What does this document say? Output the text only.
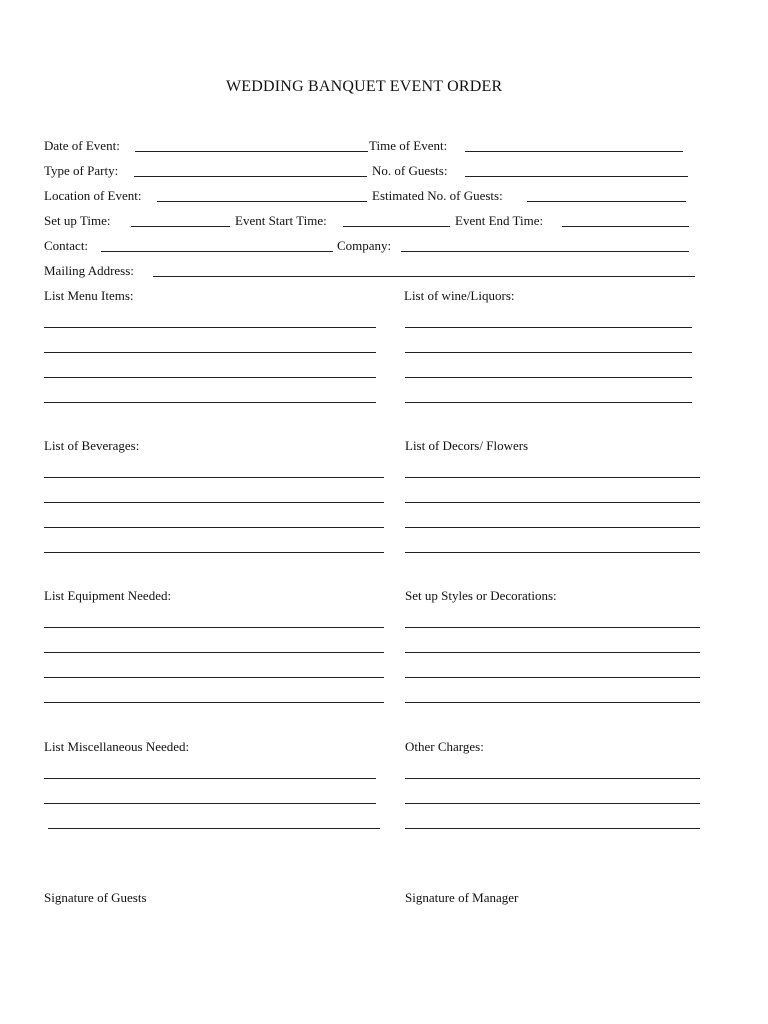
WEDDING BANQUET EVENT ORDER
Date of Event:	Time of Event:
Type of Party:	No. of Guests:
Location of Event:	Estimated No. of Guests:
Set up Time:	Event Start Time:	Event End Time:
Contact:	Company:
Mailing Address:
List Menu Items:	List of wine/Liquors:
List of Beverages:	List of Decors/ Flowers
List Equipment Needed:	Set up Styles or Decorations:
List Miscellaneous Needed:	Other Charges:
Signature of Guests	Signature of Manager
